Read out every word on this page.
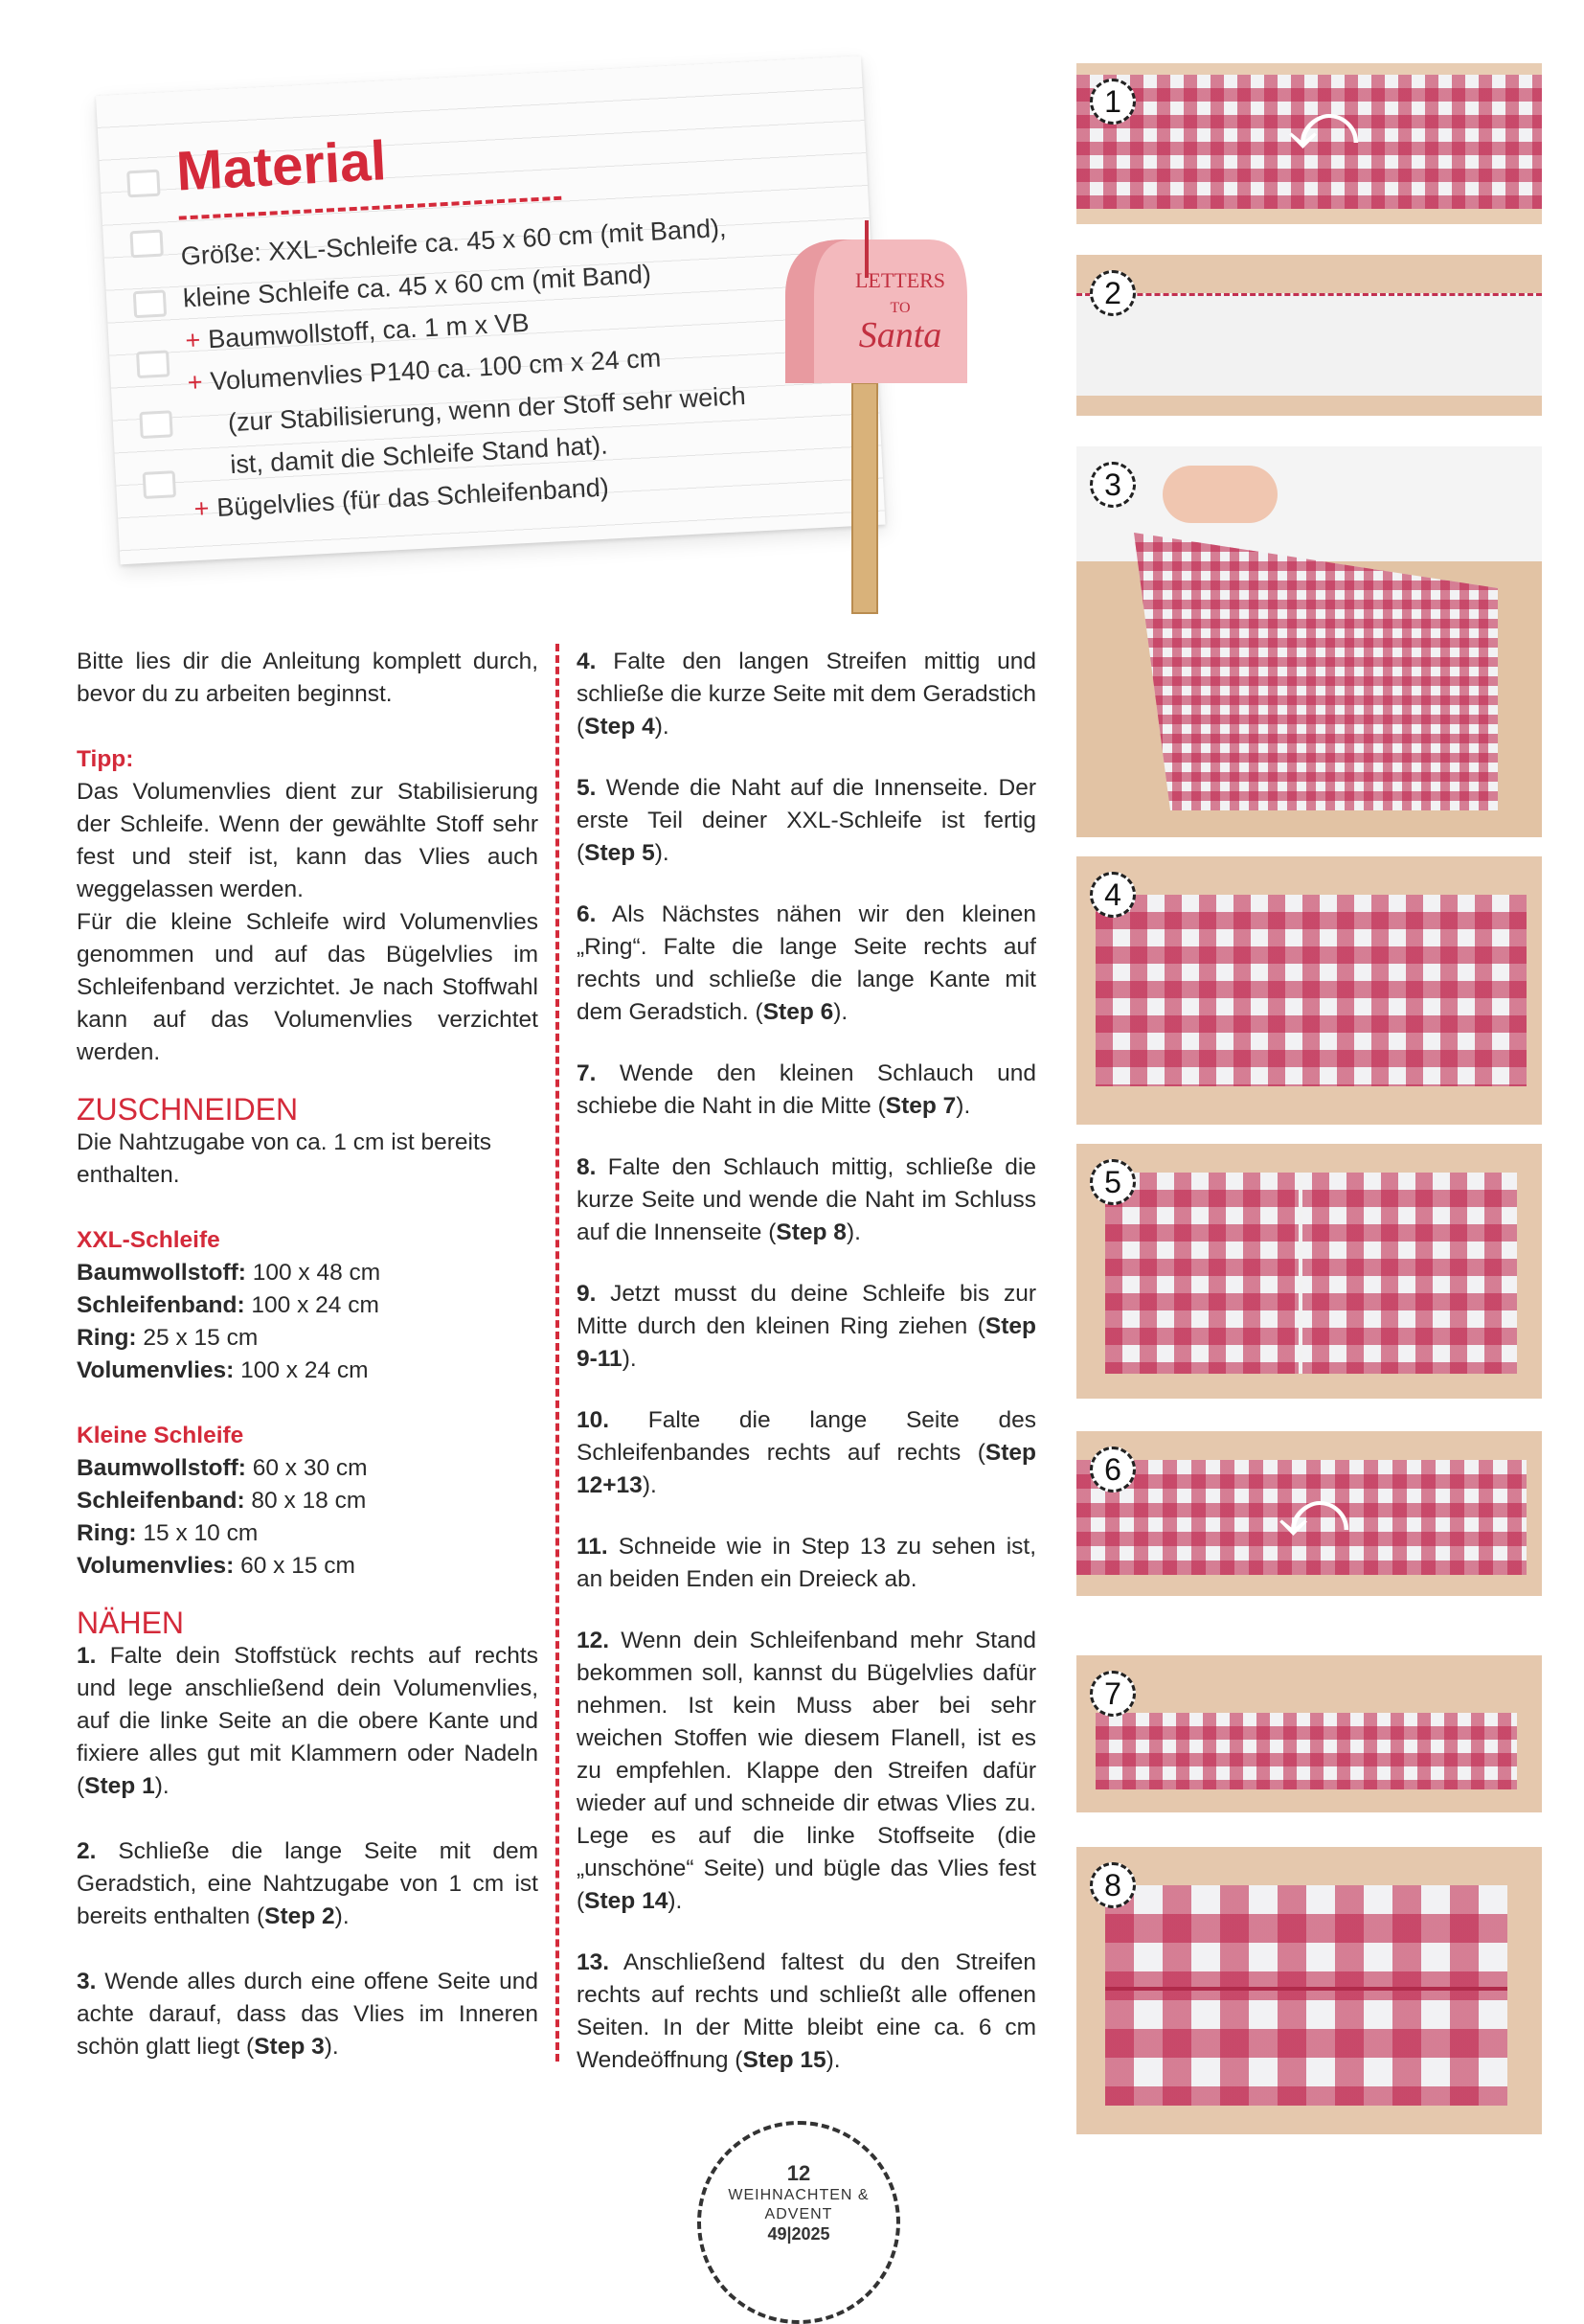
Material
Größe: XXL-Schleife ca. 45 x 60 cm (mit Band),
kleine Schleife ca. 45 x 60 cm (mit Band)
+ Baumwollstoff, ca. 1 m x VB
+ Volumenvlies P140 ca. 100 cm x 24 cm
(zur Stabilisierung, wenn der Stoff sehr weich
ist, damit die Schleife Stand hat).
+ Bügelvlies (für das Schleifenband)
LETTERS
TO
Santa

Bitte lies dir die Anleitung komplett durch, bevor du zu arbeiten beginnst.

Tipp:

Das Volumenvlies dient zur Stabilisierung der Schleife. Wenn der gewählte Stoff sehr fest und steif ist, kann das Vlies auch weggelassen werden.

Für die kleine Schleife wird Volumenvlies genommen und auf das Bügelvlies im Schleifenband verzichtet. Je nach Stoffwahl kann auf das Volumenvlies verzichtet werden.

ZUSCHNEIDEN

Die Nahtzugabe von ca. 1 cm ist bereits enthalten.

XXL-Schleife

Baumwollstoff: 100 x 48 cm

Schleifenband: 100 x 24 cm

Ring: 25 x 15 cm

Volumenvlies: 100 x 24 cm

Kleine Schleife

Baumwollstoff: 60 x 30 cm

Schleifenband: 80 x 18 cm

Ring: 15 x 10 cm

Volumenvlies: 60 x 15 cm

NÄHEN

1. Falte dein Stoffstück rechts auf rechts und lege anschließend dein Volumenvlies, auf die linke Seite an die obere Kante und fixiere alles gut mit Klammern oder Nadeln (Step 1).

2. Schließe die lange Seite mit dem Geradstich, eine Nahtzugabe von 1 cm ist bereits enthalten (Step 2).

3. Wende alles durch eine offene Seite und achte darauf, dass das Vlies im Inneren schön glatt liegt (Step 3).

4. Falte den langen Streifen mittig und schließe die kurze Seite mit dem Geradstich (Step 4).

5. Wende die Naht auf die Innenseite. Der erste Teil deiner XXL-Schleife ist fertig (Step 5).

6. Als Nächstes nähen wir den kleinen „Ring“. Falte die lange Seite rechts auf rechts und schließe die lange Kante mit dem Geradstich. (Step 6).

7. Wende den kleinen Schlauch und schiebe die Naht in die Mitte (Step 7).

8. Falte den Schlauch mittig, schließe die kurze Seite und wende die Naht im Schluss auf die Innenseite (Step 8).

9. Jetzt musst du deine Schleife bis zur Mitte durch den kleinen Ring ziehen (Step 9-11).

10. Falte die lange Seite des Schleifenbandes rechts auf rechts (Step 12+13).

11. Schneide wie in Step 13 zu sehen ist, an beiden Enden ein Dreieck ab.

12. Wenn dein Schleifenband mehr Stand bekommen soll, kannst du Bügelvlies dafür nehmen. Ist kein Muss aber bei sehr weichen Stoffen wie diesem Flanell, ist es zu empfehlen. Klappe den Streifen dafür wieder auf und schneide dir etwas Vlies zu. Lege es auf die linke Stoffseite (die „unschöne“ Seite) und bügle das Vlies fest (Step 14).

13. Anschließend faltest du den Streifen rechts auf rechts und schließt alle offenen Seiten. In der Mitte bleibt eine ca. 6 cm Wendeöffnung (Step 15).

⤺
1
2
3
4
5
⤺
6
7
8
12
WEIHNACHTEN &
ADVENT
49|2025
